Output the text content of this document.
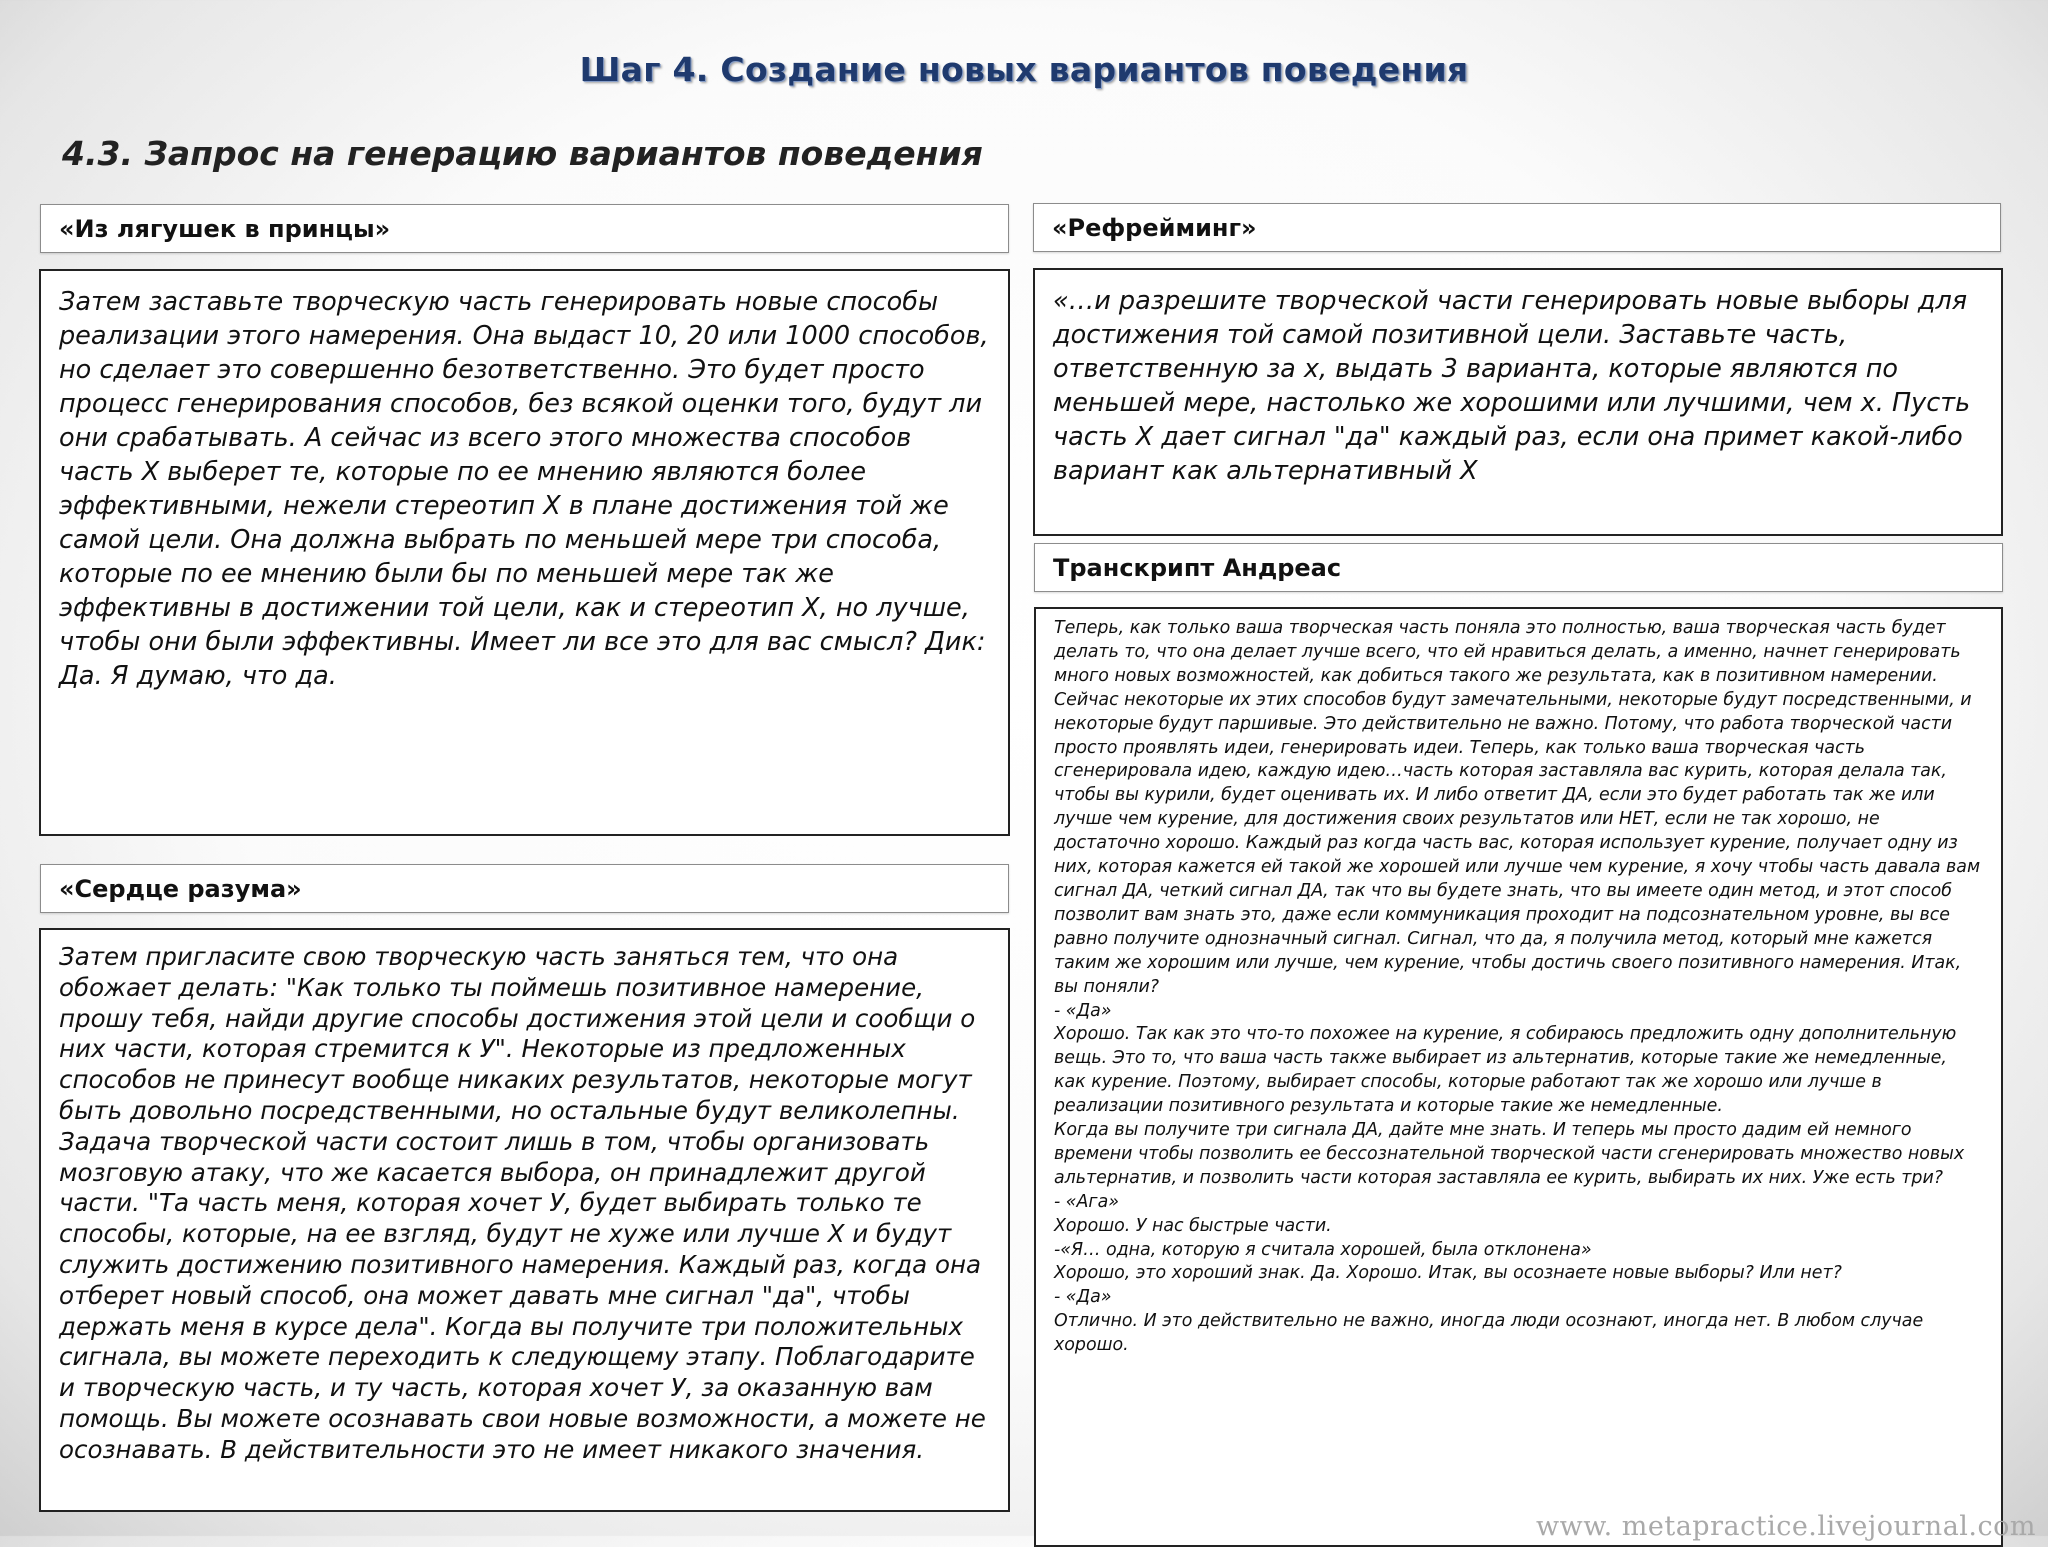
Шаг 4. Создание новых вариантов поведения
4.3. Запрос на генерацию вариантов поведения
«Из лягушек в принцы»
Затем заставьте творческую часть генерировать новые способы реализации этого намерения. Она выдаст 10, 20 или 1000 способов, но сделает это совершенно безответственно. Это будет просто процесс генерирования способов, без всякой оценки того, будут ли они срабатывать. А сейчас из всего этого множества способов часть Х выберет те, которые по ее мнению являются более эффективными, нежели стереотип Х в плане достижения той же самой цели. Она должна выбрать по меньшей мере три способа, которые по ее мнению были бы по меньшей мере так же эффективны в достижении той цели, как и стереотип Х, но лучше, чтобы они были эффективны. Имеет ли все это для вас смысл? Дик: Да. Я думаю, что да.
«Сердце разума»
Затем пригласите свою творческую часть заняться тем, что она обожает делать: "Как только ты поймешь позитивное намерение, прошу тебя, найди другие способы достижения этой цели и сообщи о них части, которая стремится к У". Некоторые из предложенных способов не принесут вообще никаких результатов, некоторые могут быть довольно посредственными, но остальные будут великолепны. Задача творческой части состоит лишь в том, чтобы организовать мозговую атаку, что же касается выбора, он принадлежит другой части. "Та часть меня, которая хочет У, будет выбирать только те способы, которые, на ее взгляд, будут не хуже или лучше Х и будут служить достижению позитивного намерения. Каждый раз, когда она отберет новый способ, она может давать мне сигнал "да", чтобы держать меня в курсе дела". Когда вы получите три положительных сигнала, вы можете переходить к следующему этапу. Поблагодарите и творческую часть, и ту часть, которая хочет У, за оказанную вам помощь. Вы можете осознавать свои новые возможности, а можете не осознавать. В действительности это не имеет никакого значения.
«Рефрейминг»
«…и разрешите творческой части генерировать новые выборы для достижения той самой позитивной цели. Заставьте часть, ответственную за х, выдать 3 варианта, которые являются по меньшей мере, настолько же хорошими или лучшими, чем х. Пусть часть Х дает сигнал "да" каждый раз, если она примет какой-либо вариант как альтернативный Х
Транскрипт Андреас

Теперь, как только ваша творческая часть поняла это полностью, ваша творческая часть будет делать то, что она делает лучше всего, что ей нравиться делать, а именно, начнет генерировать много новых возможностей, как добиться такого же результата, как в позитивном намерении. Сейчас некоторые их этих способов будут замечательными, некоторые будут посредственными, и некоторые будут паршивые. Это действительно не важно. Потому, что работа творческой части просто проявлять идеи, генерировать идеи. Теперь, как только ваша творческая часть сгенерировала идею, каждую идею…часть которая заставляла вас курить, которая делала так, чтобы вы курили, будет оценивать их. И либо ответит ДА, если это будет работать так же или лучше чем курение, для достижения своих результатов или НЕТ, если не так хорошо, не достаточно хорошо. Каждый раз когда часть вас, которая использует курение, получает одну из них, которая кажется ей такой же хорошей или лучше чем курение, я хочу чтобы часть давала вам сигнал ДА, четкий сигнал ДА, так что вы будете знать, что вы имеете один метод, и этот способ позволит вам знать это, даже если коммуникация проходит на подсознательном уровне, вы все равно получите однозначный сигнал. Сигнал, что да, я получила метод, который мне кажется таким же хорошим или лучше, чем курение, чтобы достичь своего позитивного намерения. Итак, вы поняли?

- «Да»

Хорошо. Так как это что-то похожее на курение, я собираюсь предложить одну дополнительную вещь. Это то, что ваша часть также выбирает из альтернатив, которые такие же немедленные, как курение. Поэтому, выбирает способы, которые работают так же хорошо или лучше в реализации позитивного результата и которые такие же немедленные.

Когда вы получите три сигнала ДА, дайте мне знать. И теперь мы просто дадим ей немного времени чтобы позволить ее бессознательной творческой части сгенерировать множество новых альтернатив, и позволить части которая заставляла ее курить, выбирать их них. Уже есть три?

- «Ага»

Хорошо. У нас быстрые части.

-«Я… одна, которую я считала хорошей, была отклонена»

Хорошо, это хороший знак. Да. Хорошо. Итак, вы осознаете новые выборы? Или нет?

- «Да»

Отлично. И это действительно не важно, иногда люди осознают, иногда нет. В любом случае хорошо.

www. metapractice.livejournal.com
